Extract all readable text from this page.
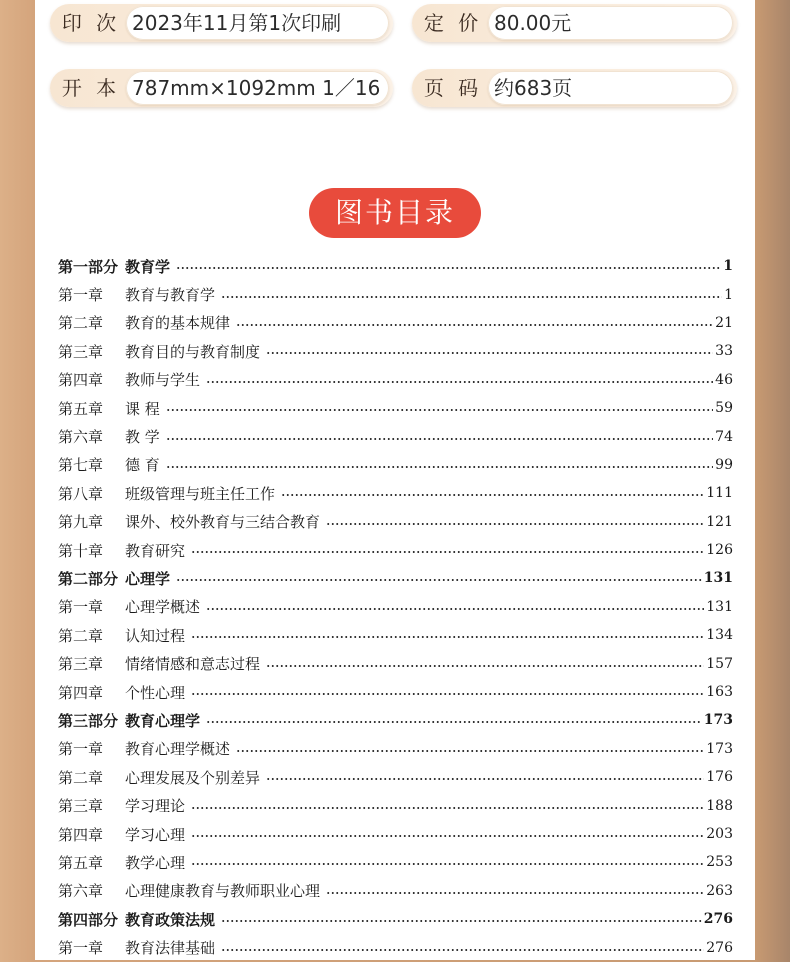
印 次 2023年11月第1次印刷	定 价 80.00元
开 本 787mm×1092mm 1／16	页 码 约683页
图书目录
第一部分 教育学	1
第一章	教育与教育学	1
第二章	教育的基本规律	21
第三章	教育目的与教育制度	33
第四章	教师与学生	46
第五章	课 程	59
第六章	教 学	74
第七章	德 育	99
第八章	班级管理与班主任工作	111
第九章	课外、校外教育与三结合教育	121
第十章	教育研究	126
第二部分 心理学	131
第一章	心理学概述	131
第二章	认知过程	134
第三章	情绪情感和意志过程	157
第四章	个性心理	163
第三部分 教育心理学	173
第一章	教育心理学概述	173
第二章	心理发展及个别差异	176
第三章	学习理论	188
第四章	学习心理	203
第五章	教学心理	253
第六章	心理健康教育与教师职业心理	263
第四部分 教育政策法规	276
第一章	教育法律基础	276
